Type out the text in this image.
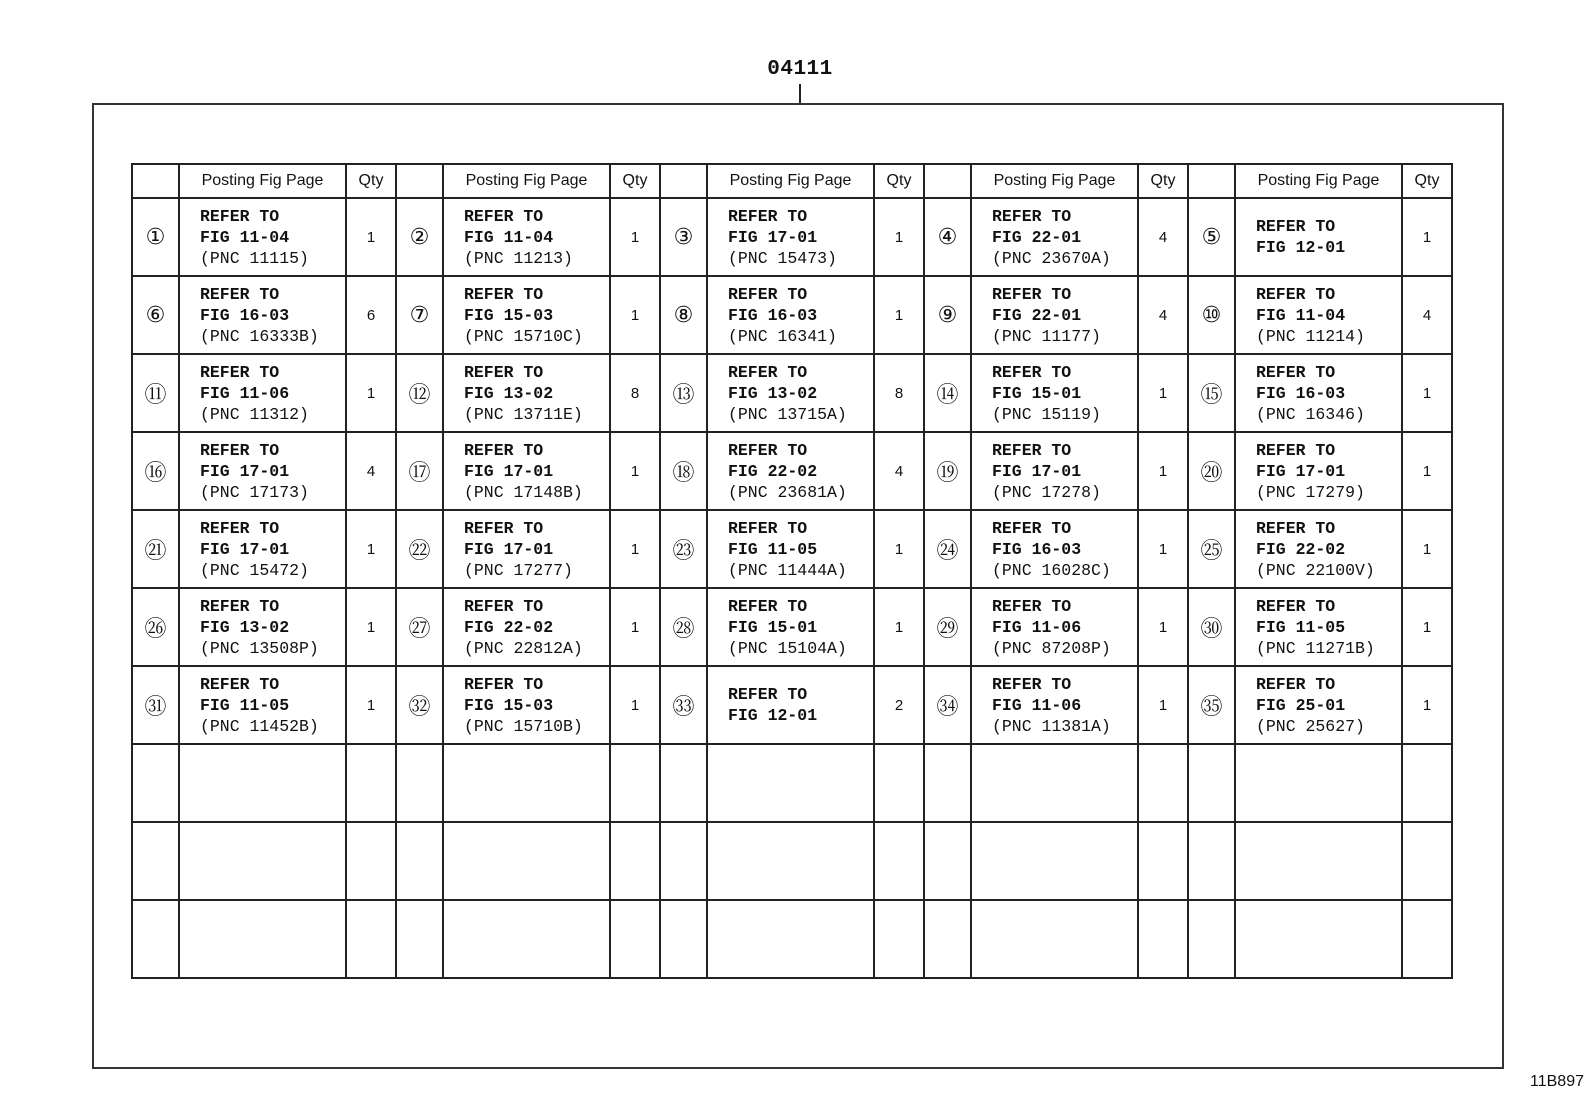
04111
	Posting Fig Page	Qty		Posting Fig Page	Qty		Posting Fig Page	Qty		Posting Fig Page	Qty		Posting Fig Page	Qty
①	REFER TO
FIG 11-04
(PNC 11115)	1	②	REFER TO
FIG 11-04
(PNC 11213)	1	③	REFER TO
FIG 17-01
(PNC 15473)	1	④	REFER TO
FIG 22-01
(PNC 23670A)	4	⑤	REFER TO
FIG 12-01	1
⑥	REFER TO
FIG 16-03
(PNC 16333B)	6	⑦	REFER TO
FIG 15-03
(PNC 15710C)	1	⑧	REFER TO
FIG 16-03
(PNC 16341)	1	⑨	REFER TO
FIG 22-01
(PNC 11177)	4	⑩	REFER TO
FIG 11-04
(PNC 11214)	4
⑪	REFER TO
FIG 11-06
(PNC 11312)	1	⑫	REFER TO
FIG 13-02
(PNC 13711E)	8	⑬	REFER TO
FIG 13-02
(PNC 13715A)	8	⑭	REFER TO
FIG 15-01
(PNC 15119)	1	⑮	REFER TO
FIG 16-03
(PNC 16346)	1
⑯	REFER TO
FIG 17-01
(PNC 17173)	4	⑰	REFER TO
FIG 17-01
(PNC 17148B)	1	⑱	REFER TO
FIG 22-02
(PNC 23681A)	4	⑲	REFER TO
FIG 17-01
(PNC 17278)	1	⑳	REFER TO
FIG 17-01
(PNC 17279)	1
㉑	REFER TO
FIG 17-01
(PNC 15472)	1	㉒	REFER TO
FIG 17-01
(PNC 17277)	1	㉓	REFER TO
FIG 11-05
(PNC 11444A)	1	㉔	REFER TO
FIG 16-03
(PNC 16028C)	1	㉕	REFER TO
FIG 22-02
(PNC 22100V)	1
㉖	REFER TO
FIG 13-02
(PNC 13508P)	1	㉗	REFER TO
FIG 22-02
(PNC 22812A)	1	㉘	REFER TO
FIG 15-01
(PNC 15104A)	1	㉙	REFER TO
FIG 11-06
(PNC 87208P)	1	㉚	REFER TO
FIG 11-05
(PNC 11271B)	1
㉛	REFER TO
FIG 11-05
(PNC 11452B)	1	㉜	REFER TO
FIG 15-03
(PNC 15710B)	1	㉝	REFER TO
FIG 12-01	2	㉞	REFER TO
FIG 11-06
(PNC 11381A)	1	㉟	REFER TO
FIG 25-01
(PNC 25627)	1

11B897
